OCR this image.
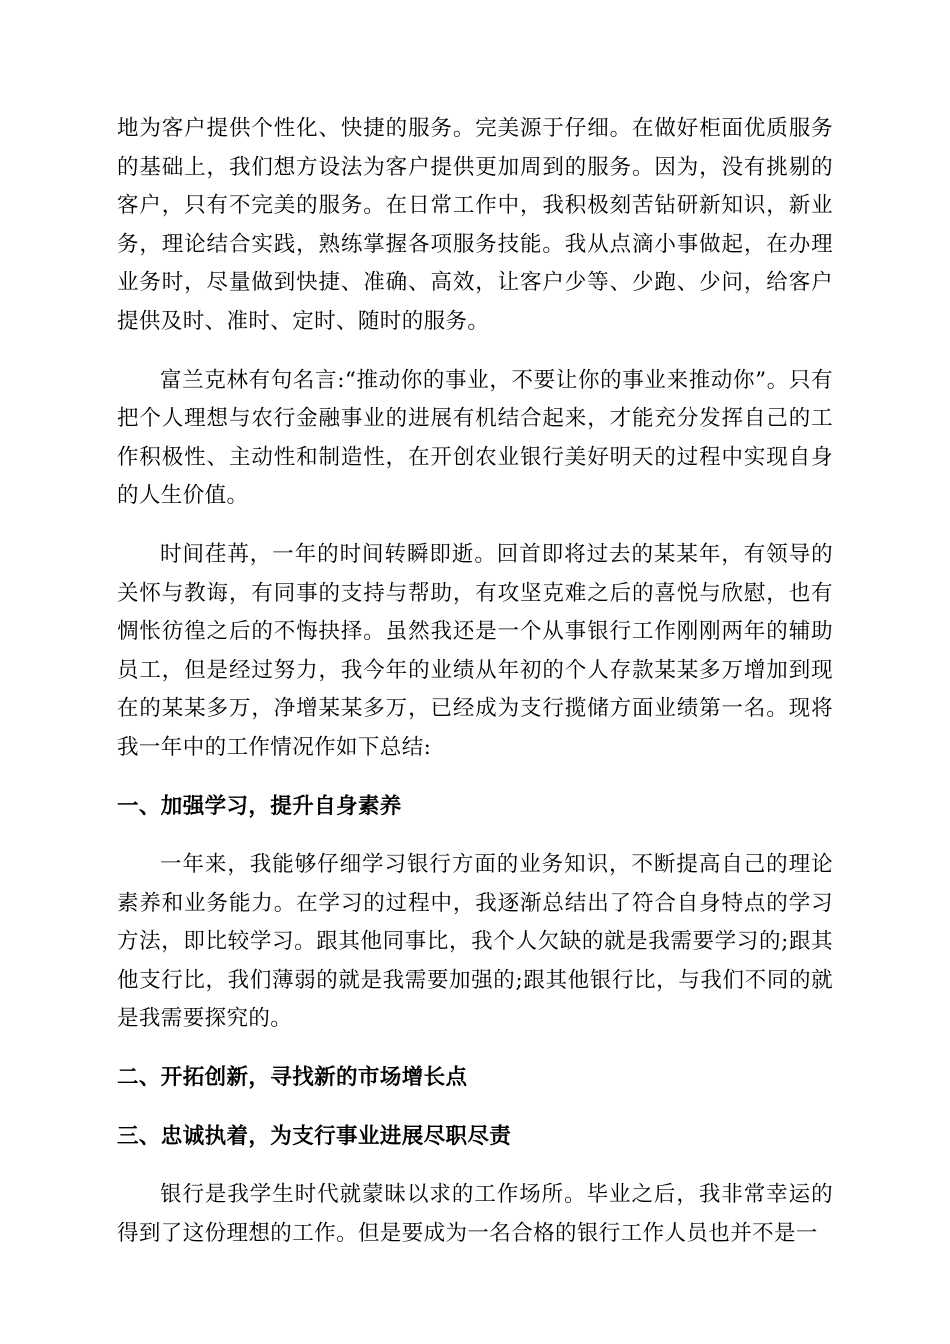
地为客户提供个性化、快捷的服务。完美源于仔细。在做好柜面优质服务的基础上，我们想方设法为客户提供更加周到的服务。因为，没有挑剔的客户，只有不完美的服务。在日常工作中，我积极刻苦钻研新知识，新业务，理论结合实践，熟练掌握各项服务技能。我从点滴小事做起，在办理业务时，尽量做到快捷、准确、高效，让客户少等、少跑、少问，给客户提供及时、准时、定时、随时的服务。

富兰克林有句名言:“推动你的事业，不要让你的事业来推动你”。只有把个人理想与农行金融事业的进展有机结合起来，才能充分发挥自己的工作积极性、主动性和制造性，在开创农业银行美好明天的过程中实现自身的人生价值。

时间荏苒，一年的时间转瞬即逝。回首即将过去的某某年，有领导的关怀与教诲，有同事的支持与帮助，有攻坚克难之后的喜悦与欣慰，也有惆怅彷徨之后的不悔抉择。虽然我还是一个从事银行工作刚刚两年的辅助员工，但是经过努力，我今年的业绩从年初的个人存款某某多万增加到现在的某某多万，净增某某多万，已经成为支行揽储方面业绩第一名。现将我一年中的工作情况作如下总结:

一、加强学习，提升自身素养

一年来，我能够仔细学习银行方面的业务知识，不断提高自己的理论素养和业务能力。在学习的过程中，我逐渐总结出了符合自身特点的学习方法，即比较学习。跟其他同事比，我个人欠缺的就是我需要学习的;跟其他支行比，我们薄弱的就是我需要加强的;跟其他银行比，与我们不同的就是我需要探究的。

二、开拓创新，寻找新的市场增长点

三、忠诚执着，为支行事业进展尽职尽责

银行是我学生时代就蒙昧以求的工作场所。毕业之后，我非常幸运的得到了这份理想的工作。但是要成为一名合格的银行工作人员也并不是一
